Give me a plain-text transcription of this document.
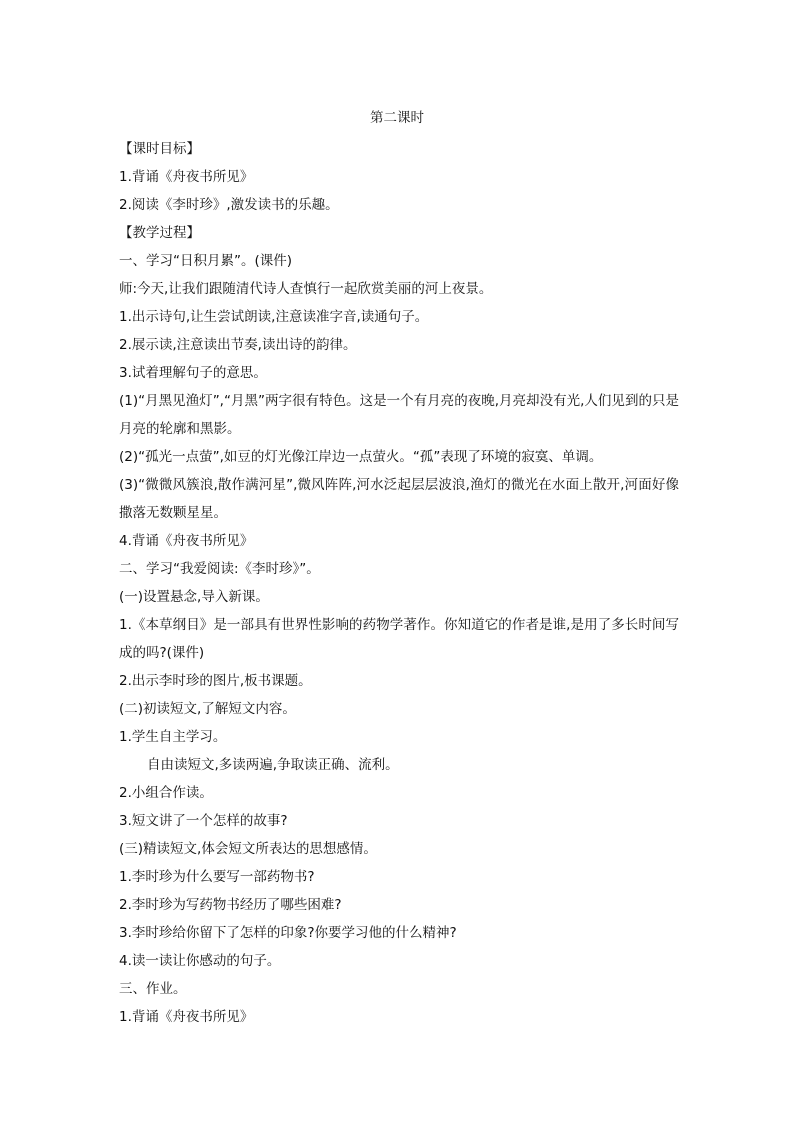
第二课时
【课时目标】
1.背诵《舟夜书所见》
2.阅读《李时珍》,激发读书的乐趣。
【教学过程】
一、学习“日积月累”。(课件)
师:今天,让我们跟随清代诗人查慎行一起欣赏美丽的河上夜景。
1.出示诗句,让生尝试朗读,注意读准字音,读通句子。
2.展示读,注意读出节奏,读出诗的韵律。
3.试着理解句子的意思。
(1)“月黑见渔灯”,“月黑”两字很有特色。这是一个有月亮的夜晚,月亮却没有光,人们见到的只是月亮的轮廓和黑影。
(2)“孤光一点萤”,如豆的灯光像江岸边一点萤火。“孤”表现了环境的寂寞、单调。
(3)“微微风簇浪,散作满河星”,微风阵阵,河水泛起层层波浪,渔灯的微光在水面上散开,河面好像撒落无数颗星星。
4.背诵《舟夜书所见》
二、学习“我爱阅读:《李时珍》”。
(一)设置悬念,导入新课。
1.《本草纲目》是一部具有世界性影响的药物学著作。你知道它的作者是谁,是用了多长时间写成的吗?(课件)
2.出示李时珍的图片,板书课题。
(二)初读短文,了解短文内容。
1.学生自主学习。
自由读短文,多读两遍,争取读正确、流利。
2.小组合作读。
3.短文讲了一个怎样的故事?
(三)精读短文,体会短文所表达的思想感情。
1.李时珍为什么要写一部药物书?
2.李时珍为写药物书经历了哪些困难?
3.李时珍给你留下了怎样的印象?你要学习他的什么精神?
4.读一读让你感动的句子。
三、作业。
1.背诵《舟夜书所见》
